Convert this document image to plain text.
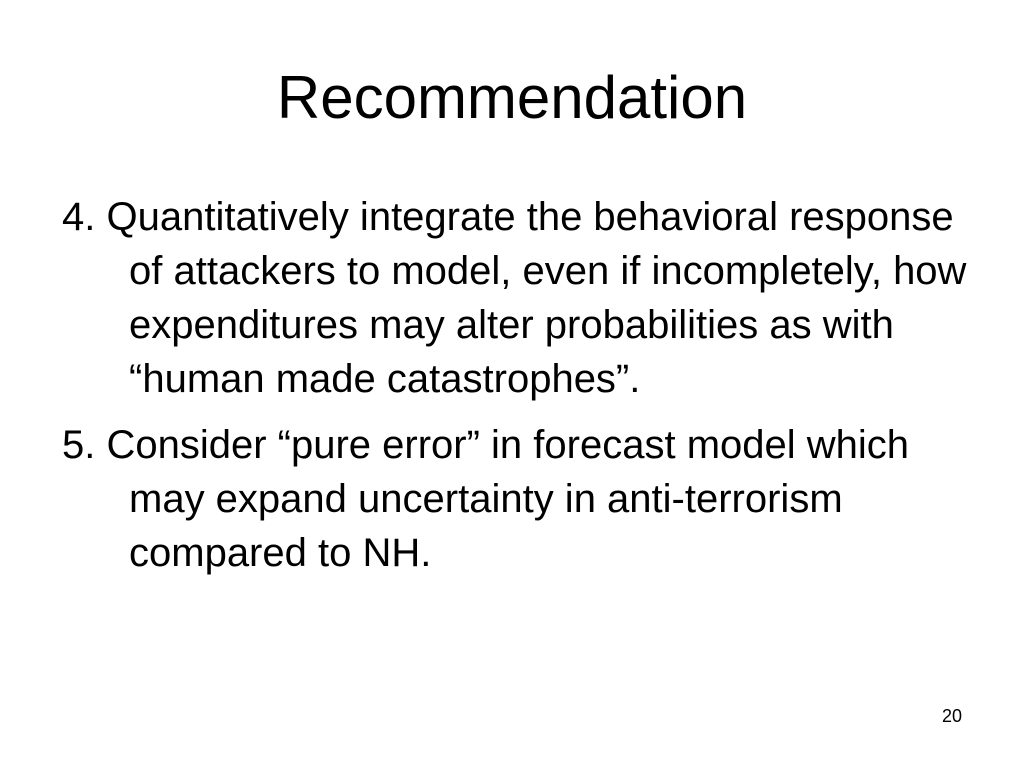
Recommendation
4. Quantitatively integrate the behavioral response of attackers to model, even if incompletely, how expenditures may alter probabilities as with “human made catastrophes”.
5. Consider “pure error” in forecast model which may expand uncertainty in anti-terrorism compared to NH.
20
